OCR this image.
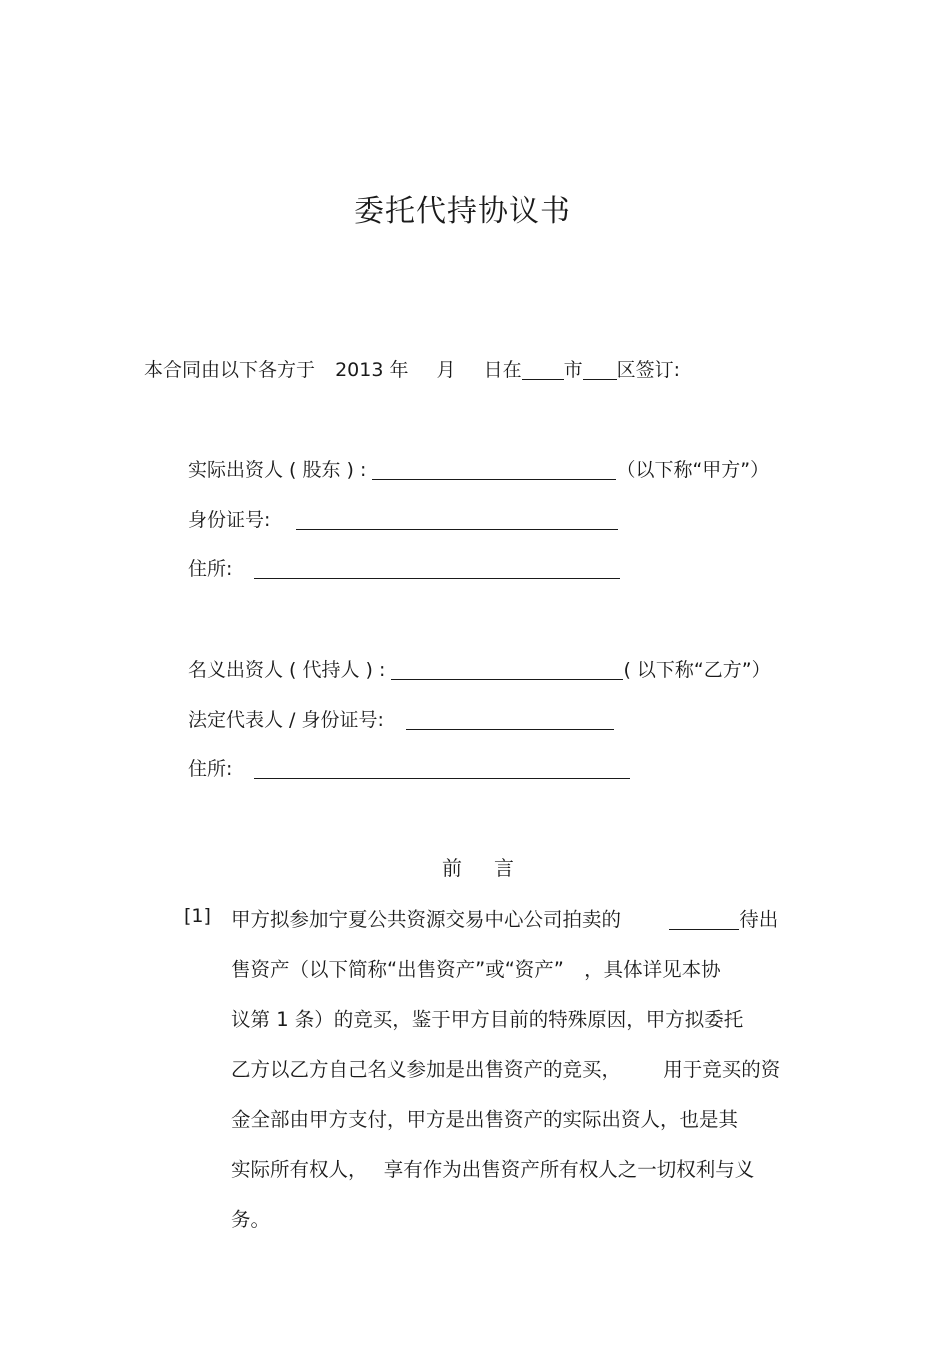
委托代持协议书
本合同由以下各方于 2013 年 月 日在 市 区签订:
实际出资人 ( 股东 ) :	（以下称“甲方”）
身份证号:
住所:
名义出资人 ( 代持人 ) :	( 以下称“乙方”）
法定代表人 / 身份证号:
住所:
前 言
[1] 甲方拟参加宁夏公共资源交易中心公司拍卖的	待出
售资产（以下简称“出售资产”或“资产” ，具体详见本协
议第 1 条）的竞买，鉴于甲方目前的特殊原因，甲方拟委托
乙方以乙方自己名义参加是出售资产的竞买， 用于竞买的资
金全部由甲方支付，甲方是出售资产的实际出资人，也是其
实际所有权人， 享有作为出售资产所有权人之一切权利与义
务。
